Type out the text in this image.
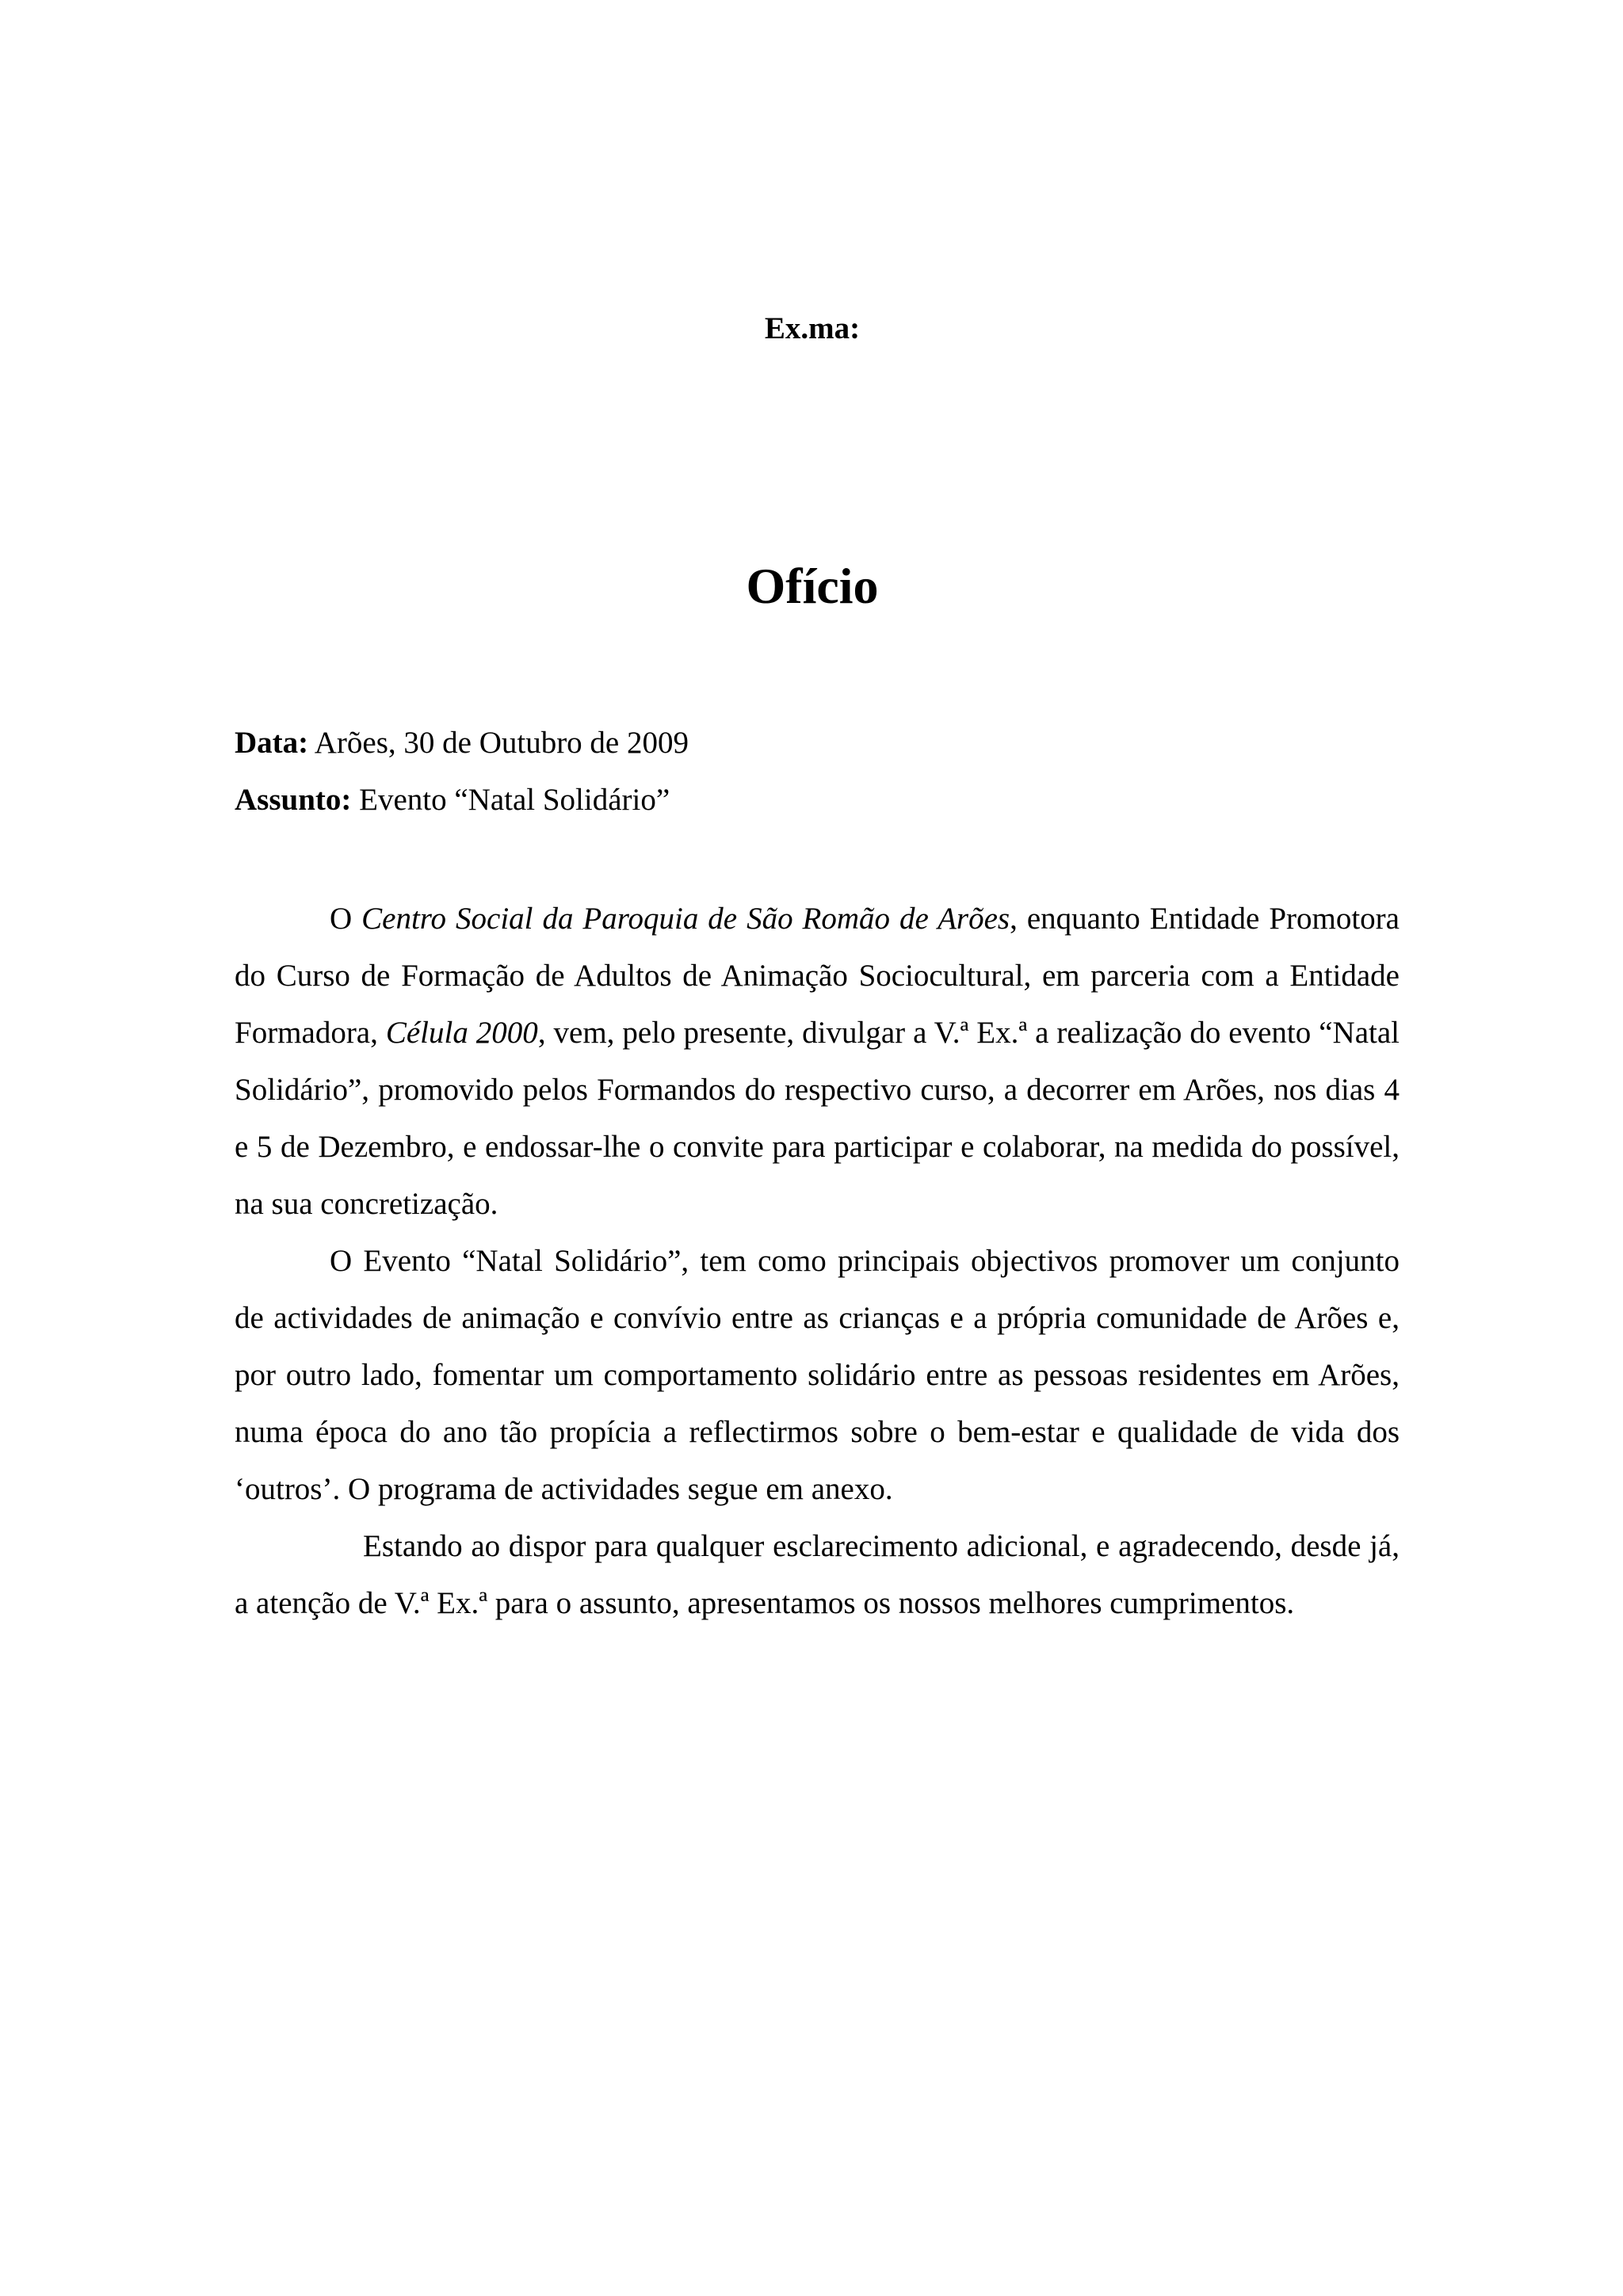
Ex.ma:
Ofício
Data: Arões, 30 de Outubro de 2009
Assunto: Evento “Natal Solidário”

O Centro Social da Paroquia de São Romão de Arões, enquanto Entidade Promotora do Curso de Formação de Adultos de Animação Sociocultural, em parceria com a Entidade Formadora, Célula 2000, vem, pelo presente, divulgar a V.ª Ex.ª a realização do evento “Natal Solidário”, promovido pelos Formandos do respectivo curso, a decorrer em Arões, nos dias 4 e 5 de Dezembro, e endossar-lhe o convite para participar e colaborar, na medida do possível, na sua concretização.

O Evento “Natal Solidário”, tem como principais objectivos promover um conjunto de actividades de animação e convívio entre as crianças e a própria comunidade de Arões e, por outro lado, fomentar um comportamento solidário entre as pessoas residentes em Arões, numa época do ano tão propícia a reflectirmos sobre o bem-estar e qualidade de vida dos ‘outros’. O programa de actividades segue em anexo.

Estando ao dispor para qualquer esclarecimento adicional, e agradecendo, desde já, a atenção de V.ª Ex.ª para o assunto, apresentamos os nossos melhores cumprimentos.
